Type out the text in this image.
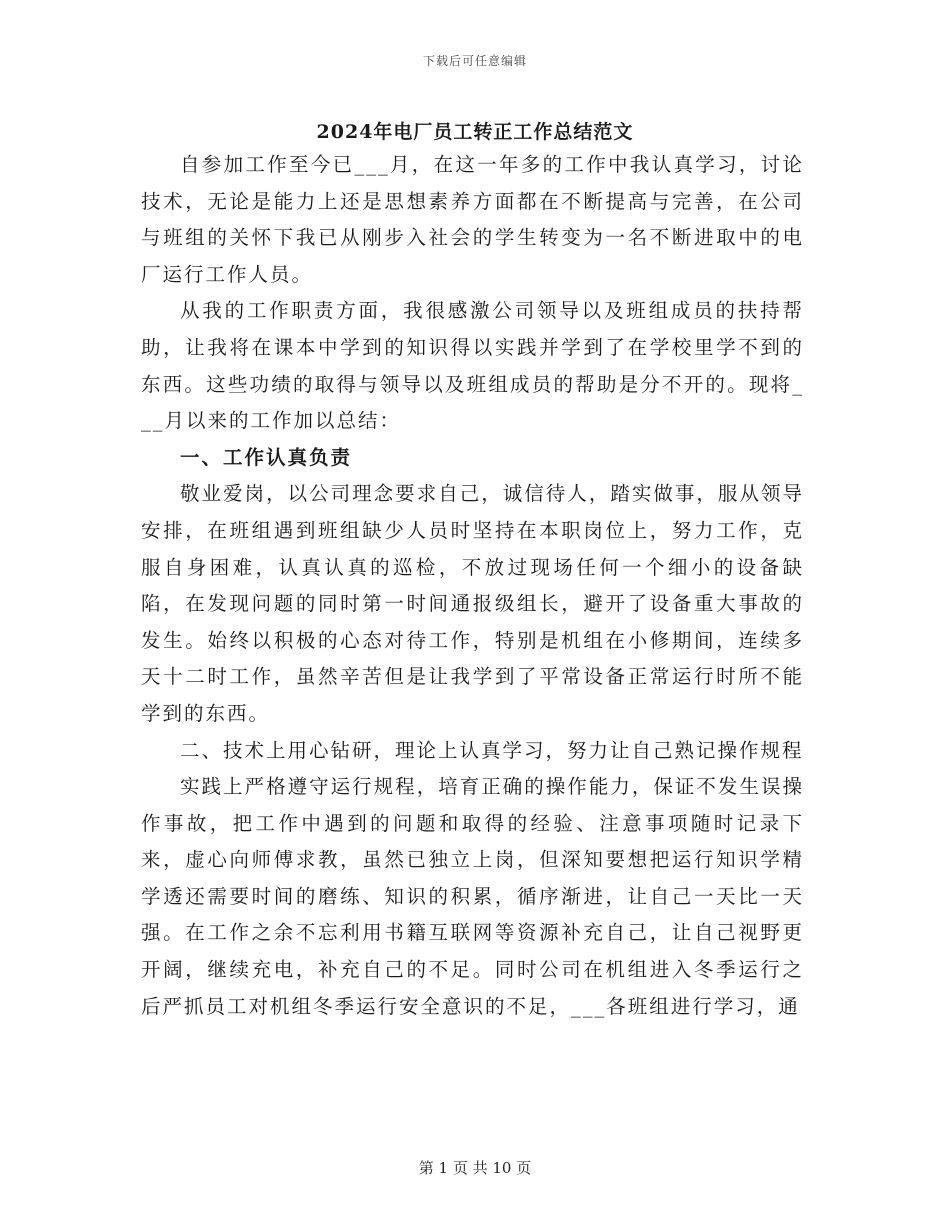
下载后可任意编辑
2024年电厂员工转正工作总结范文

自参加工作至今已___月，在这一年多的工作中我认真学习，讨论技术，无论是能力上还是思想素养方面都在不断提高与完善，在公司与班组的关怀下我已从刚步入社会的学生转变为一名不断进取中的电厂运行工作人员。

从我的工作职责方面，我很感激公司领导以及班组成员的扶持帮助，让我将在课本中学到的知识得以实践并学到了在学校里学不到的东西。这些功绩的取得与领导以及班组成员的帮助是分不开的。现将___月以来的工作加以总结：

一、工作认真负责

敬业爱岗，以公司理念要求自己，诚信待人，踏实做事，服从领导安排，在班组遇到班组缺少人员时坚持在本职岗位上，努力工作，克服自身困难，认真认真的巡检，不放过现场任何一个细小的设备缺陷，在发现问题的同时第一时间通报级组长，避开了设备重大事故的发生。始终以积极的心态对待工作，特别是机组在小修期间，连续多天十二时工作，虽然辛苦但是让我学到了平常设备正常运行时所不能学到的东西。

二、技术上用心钻研，理论上认真学习，努力让自己熟记操作规程

实践上严格遵守运行规程，培育正确的操作能力，保证不发生误操作事故，把工作中遇到的问题和取得的经验、注意事项随时记录下来，虚心向师傅求教，虽然已独立上岗，但深知要想把运行知识学精学透还需要时间的磨练、知识的积累，循序渐进，让自己一天比一天强。在工作之余不忘利用书籍互联网等资源补充自己，让自己视野更开阔，继续充电，补充自己的不足。同时公司在机组进入冬季运行之后严抓员工对机组冬季运行安全意识的不足，___各班组进行学习，通

第 1 页 共 10 页
